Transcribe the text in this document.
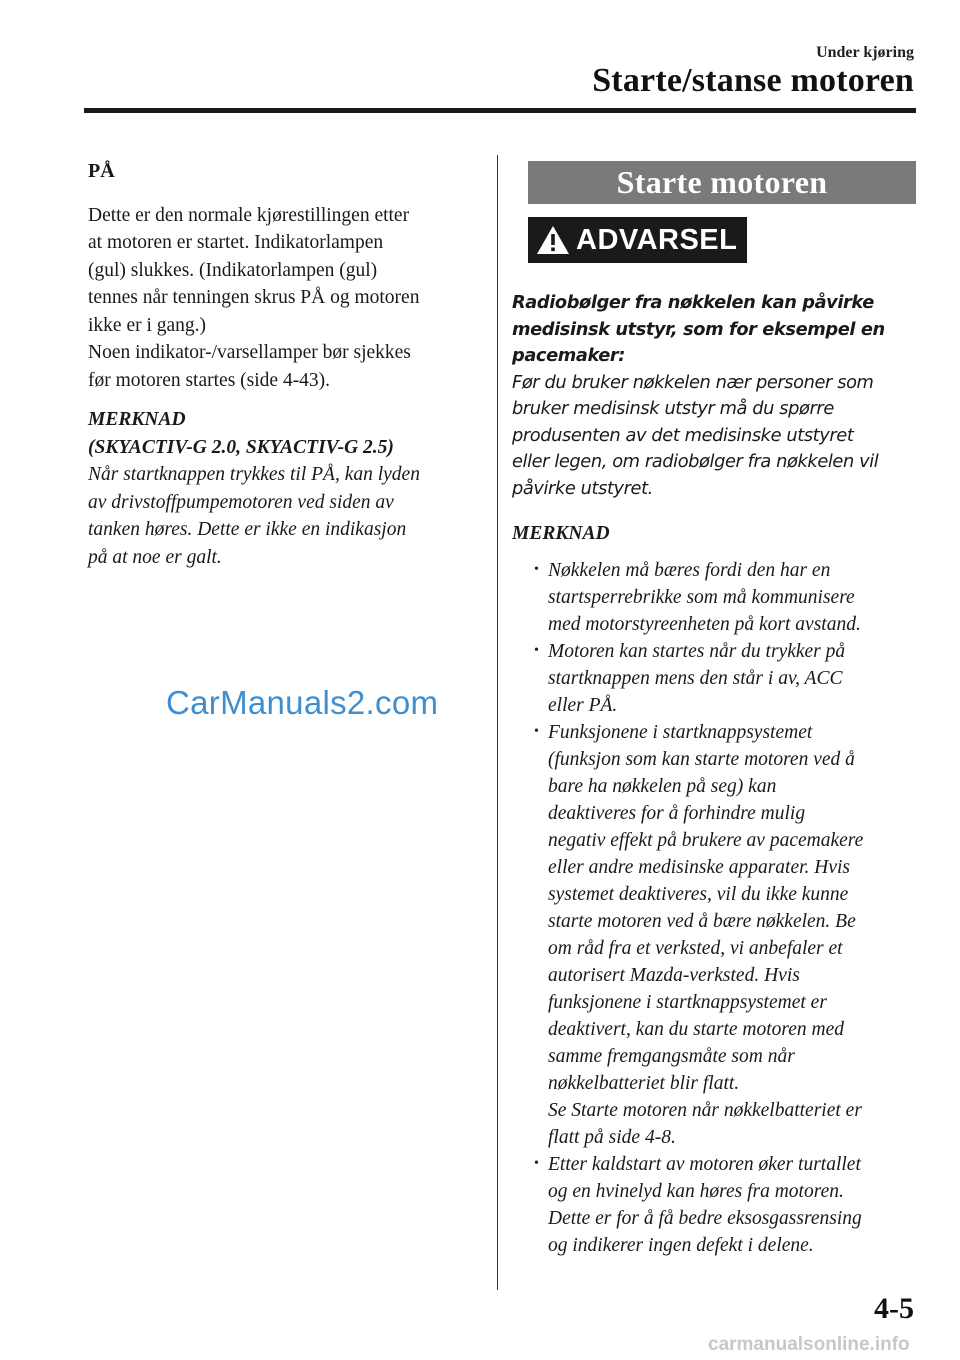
Under kjøring
Starte/stanse motoren

PÅ

Dette er den normale kjørestillingen etter
at motoren er startet. Indikatorlampen
(gul) slukkes. (Indikatorlampen (gul)
tennes når tenningen skrus PÅ og motoren
ikke er i gang.)
Noen indikator-/varsellamper bør sjekkes
før motoren startes (side 4-43).

MERKNAD

(SKYACTIV-G 2.0, SKYACTIV-G 2.5)

Når startknappen trykkes til PÅ, kan lyden
av drivstoffpumpemotoren ved siden av
tanken høres. Dette er ikke en indikasjon
på at noe er galt.

CarManuals2.com
Starte motoren
ADVARSEL

Radiobølger fra nøkkelen kan påvirke
medisinsk utstyr, som for eksempel en
pacemaker:

Før du bruker nøkkelen nær personer som
bruker medisinsk utstyr må du spørre
produsenten av det medisinske utstyret
eller legen, om radiobølger fra nøkkelen vil
påvirke utstyret.

MERKNAD

• Nøkkelen må bæres fordi den har en
startsperrebrikke som må kommunisere
med motorstyreenheten på kort avstand.
• Motoren kan startes når du trykker på
startknappen mens den står i av, ACC
eller PÅ.
• Funksjonene i startknappsystemet
(funksjon som kan starte motoren ved å
bare ha nøkkelen på seg) kan
deaktiveres for å forhindre mulig
negativ effekt på brukere av pacemakere
eller andre medisinske apparater. Hvis
systemet deaktiveres, vil du ikke kunne
starte motoren ved å bære nøkkelen. Be
om råd fra et verksted, vi anbefaler et
autorisert Mazda-verksted. Hvis
funksjonene i startknappsystemet er
deaktivert, kan du starte motoren med
samme fremgangsmåte som når
nøkkelbatteriet blir flatt.
Se Starte motoren når nøkkelbatteriet er
flatt på side 4-8.
• Etter kaldstart av motoren øker turtallet
og en hvinelyd kan høres fra motoren.
Dette er for å få bedre eksosgassrensing
og indikerer ingen defekt i delene.
4-5
carmanualsonline.info
